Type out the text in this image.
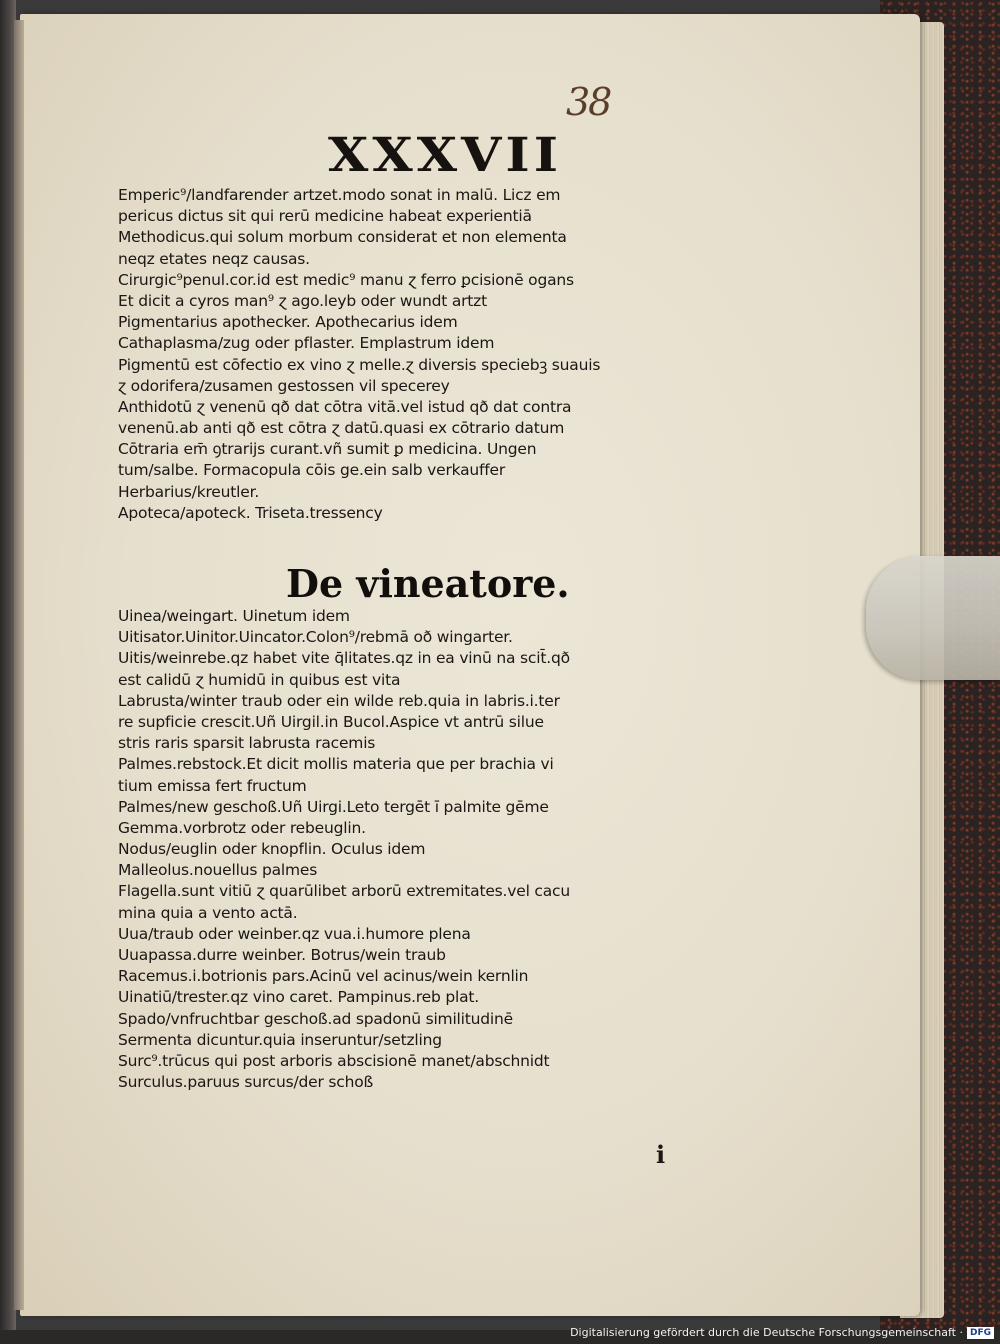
38
XXXVII
Emperic⁹/landfarender artzet.modo sonat in malū. Licz em
pericus dictus sit qui rerū medicine habeat experientiā
Methodicus.qui solum morbum considerat et non elementa
neqz etates neqz causas.
Cirurgic⁹penul.cor.id est medic⁹ manu ɀ ferro ꝑcisionē ogans
Et dicit a cyros man⁹ ɀ ago.leyb oder wundt artzt
Pigmentarius apothecker. Apothecarius idem
Cathaplasma/zug oder pflaster. Emplastrum idem
Pigmentū est cōfectio ex vino ɀ melle.ɀ diversis speciebꝫ suauis
ɀ odorifera/zusamen gestossen vil specerey
Anthidotū ɀ venenū qð dat cōtra vitā.vel istud qð dat contra
venenū.ab anti qð est cōtra ɀ datū.quasi ex cōtrario datum
Cōtraria em̄ ꝯtrarijs curant.vñ sumit ꝑ medicina. Ungen
tum/salbe. Formacopula cōis ge.ein salb verkauffer
Herbarius/kreutler.
Apoteca/apoteck. Triseta.tressency
De vineatore.
Uinea/weingart. Uinetum idem
Uitisator.Uinitor.Uincator.Colon⁹/rebmā oð wingarter.
Uitis/weinrebe.qz habet vite q̄litates.qz in ea vinū na scit̄.qð
est calidū ɀ humidū in quibus est vita
Labrusta/winter traub oder ein wilde reb.quia in labris.i.ter
re supficie crescit.Uñ Uirgil.in Bucol.Aspice vt antrū silue
stris raris sparsit labrusta racemis
Palmes.rebstock.Et dicit mollis materia que per brachia vi
tium emissa fert fructum
Palmes/new geschoß.Uñ Uirgi.Leto tergēt ī palmite gēme
Gemma.vorbrotz oder rebeuglin.
Nodus/euglin oder knopflin. Oculus idem
Malleolus.nouellus palmes
Flagella.sunt vitiū ɀ quarūlibet arborū extremitates.vel cacu
mina quia a vento actā.
Uua/traub oder weinber.qz vua.i.humore plena
Uuapassa.durre weinber. Botrus/wein traub
Racemus.i.botrionis pars.Acinū vel acinus/wein kernlin
Uinatiū/trester.qz vino caret. Pampinus.reb plat.
Spado/vnfruchtbar geschoß.ad spadonū similitudinē
Sermenta dicuntur.quia inseruntur/setzling
Surc⁹.trūcus qui post arboris abscisionē manet/abschnidt
Surculus.paruus surcus/der schoß
i
Digitalisierung gefördert durch die Deutsche Forschungsgemeinschaft · DFG
